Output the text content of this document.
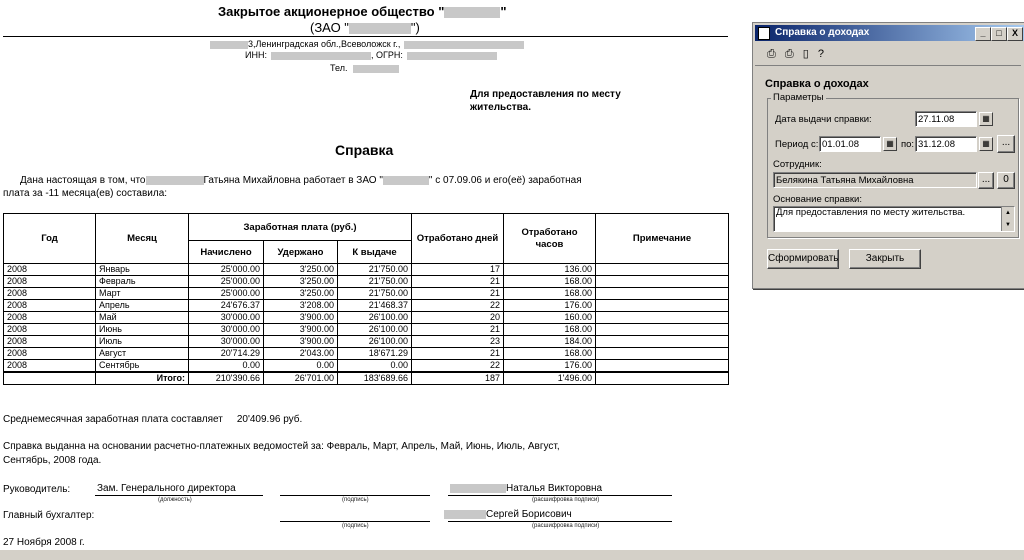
Закрытое акционерное общество "	"
(ЗАО "	")
3,Ленинградская обл.,Всеволожск г.,
ИНН:	, ОГРН:
Тел.
Для предоставления по месту жительства.
Справка
Дана настоящая в том, что	Гатьяна Михайловна работает в ЗАО "	" с 07.09.06 и его(её) заработная
плата за -11 месяца(ев) составила:
Год	Месяц	Заработная плата (руб.)			Отработано дней	Отработано часов	Примечание
		Начислено	Удержано	К выдаче			
2008	Январь	25'000.00	3'250.00	21'750.00	17	136.00	
2008	Февраль	25'000.00	3'250.00	21'750.00	21	168.00	
2008	Март	25'000.00	3'250.00	21'750.00	21	168.00	
2008	Апрель	24'676.37	3'208.00	21'468.37	22	176.00	
2008	Май	30'000.00	3'900.00	26'100.00	20	160.00	
2008	Июнь	30'000.00	3'900.00	26'100.00	21	168.00	
2008	Июль	30'000.00	3'900.00	26'100.00	23	184.00	
2008	Август	20'714.29	2'043.00	18'671.29	21	168.00	
2008	Сентябрь	0.00	0.00	0.00	22	176.00	
	Итого:	210'390.66	26'701.00	183'689.66	187	1'496.00	
Среднемесячная заработная плата составляет 20'409.96 руб.
Справка выданна на основании расчетно-платежных ведомостей за: Февраль, Март, Апрель, Май, Июнь, Июль, Август,
Сентябрь, 2008 года.
Руководитель:	Зам. Генерального директора
(должность)	(подпись)	(расшифровка подписи)
Наталья Викторовна
Главный бухгалтер:
(подпись)	(расшифровка подписи)
Сергей Борисович
27 Ноября 2008 г.
Справка о доходах	_	□	X
⎙ ⎙ ▯ ?
Справка о доходах
Параметры
Дата выдачи справки:	27.11.08	▦
Период с: 01.01.08	▦ по: 31.12.08	▦	...
Сотрудник:
Белякина Татьяна Михайловна	...	0
Основание справки:
Для предоставления по месту жительства.	▲
▼
Сформировать	Закрыть
